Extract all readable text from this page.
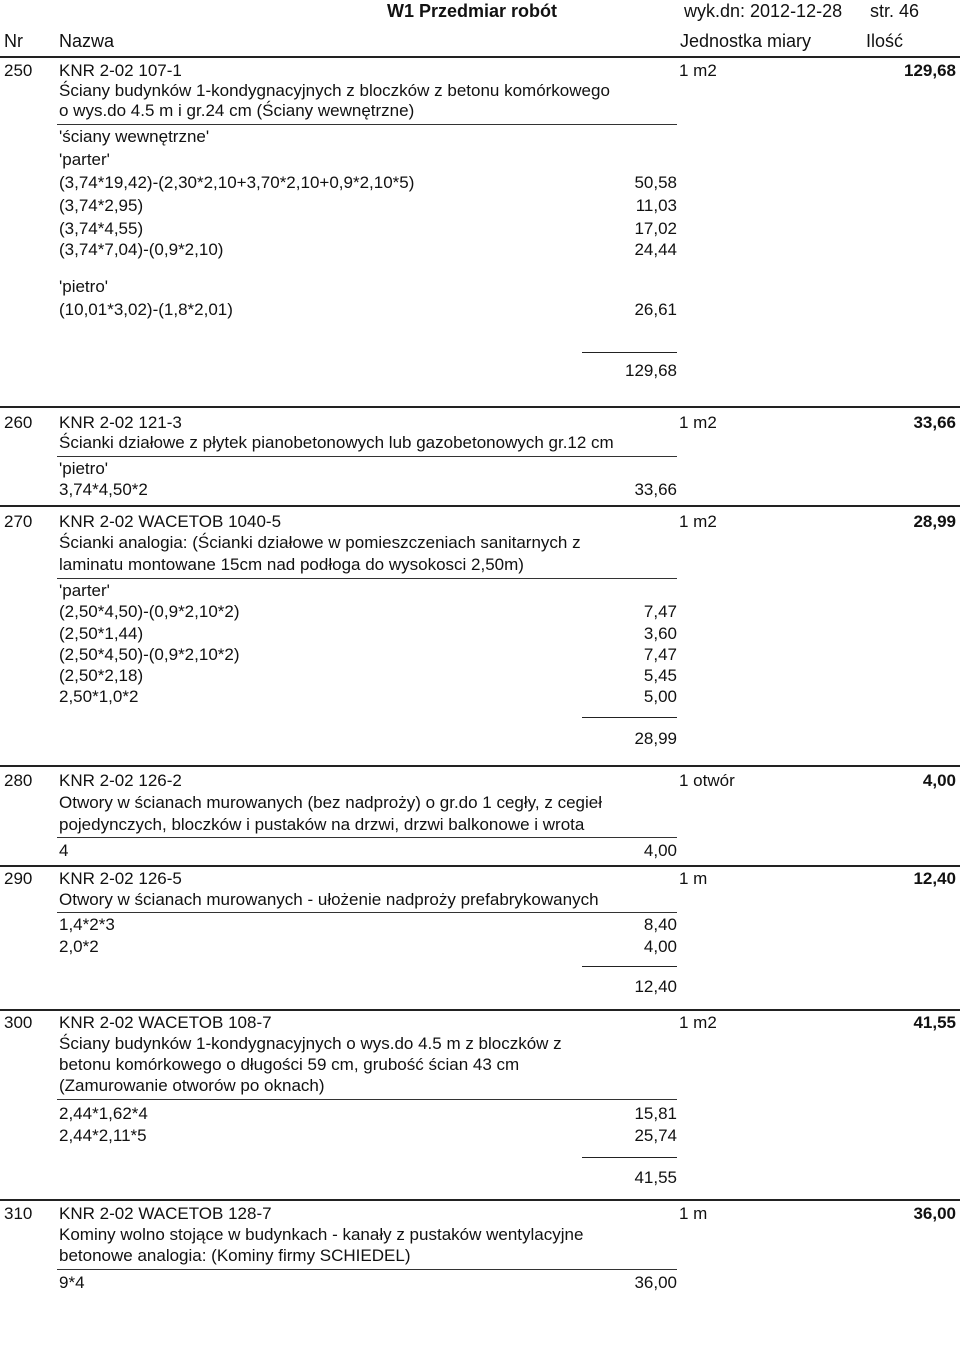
W1 Przedmiar robót	wyk.dn: 2012-12-28 str. 46
Nr Nazwa	Jednostka miary	Ilość
250 KNR 2-02 107-1	1 m2	129,68
Ściany budynków 1-kondygnacyjnych z bloczków z betonu komórkowego
o wys.do 4.5 m i gr.24 cm (Ściany wewnętrzne)
'ściany wewnętrzne'
'parter'
(3,74*19,42)-(2,30*2,10+3,70*2,10+0,9*2,10*5)	50,58
(3,74*2,95)	11,03
(3,74*4,55)	17,02
(3,74*7,04)-(0,9*2,10)	24,44
'pietro'
(10,01*3,02)-(1,8*2,01)	26,61
129,68
260 KNR 2-02 121-3	1 m2	33,66
Ścianki działowe z płytek pianobetonowych lub gazobetonowych gr.12 cm
'pietro'
3,74*4,50*2	33,66
270 KNR 2-02 WACETOB 1040-5	1 m2	28,99
Ścianki analogia: (Ścianki działowe w pomieszczeniach sanitarnych z
laminatu montowane 15cm nad podłoga do wysokosci 2,50m)
'parter'
(2,50*4,50)-(0,9*2,10*2)	7,47
(2,50*1,44)	3,60
(2,50*4,50)-(0,9*2,10*2)	7,47
(2,50*2,18)	5,45
2,50*1,0*2	5,00
28,99
280 KNR 2-02 126-2	1 otwór	4,00
Otwory w ścianach murowanych (bez nadproży) o gr.do 1 cegły, z cegieł
pojedynczych, bloczków i pustaków na drzwi, drzwi balkonowe i wrota
4	4,00
290 KNR 2-02 126-5	1 m	12,40
Otwory w ścianach murowanych - ułożenie nadproży prefabrykowanych
1,4*2*3	8,40
2,0*2	4,00
12,40
300 KNR 2-02 WACETOB 108-7	1 m2	41,55
Ściany budynków 1-kondygnacyjnych o wys.do 4.5 m z bloczków z
betonu komórkowego o długości 59 cm, grubość ścian 43 cm
(Zamurowanie otworów po oknach)
2,44*1,62*4	15,81
2,44*2,11*5	25,74
41,55
310 KNR 2-02 WACETOB 128-7	1 m	36,00
Kominy wolno stojące w budynkach - kanały z pustaków wentylacyjne
betonowe analogia: (Kominy firmy SCHIEDEL)
9*4	36,00
